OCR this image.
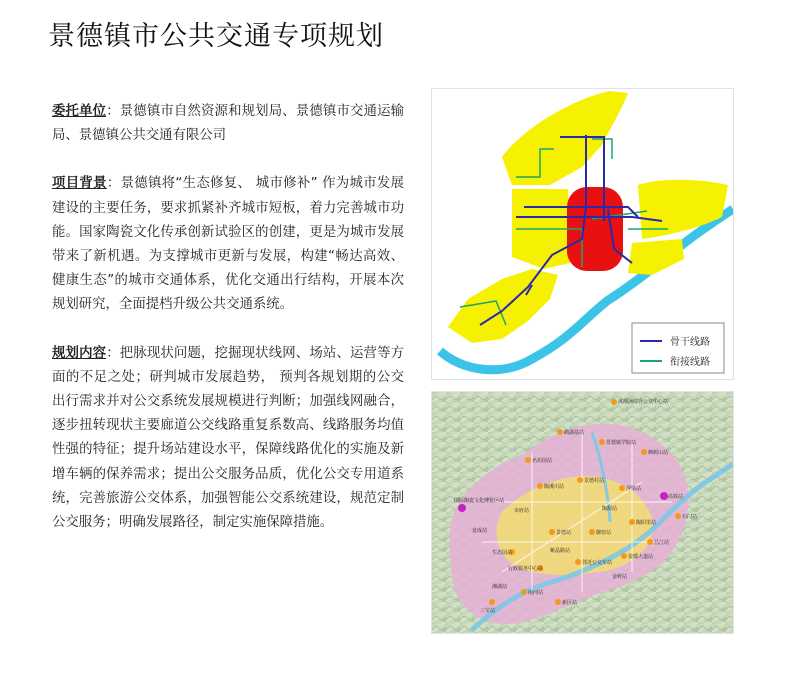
景德镇市公共交通专项规划

委托单位：景德镇市自然资源和规划局、景德镇市交通运输局、景德镇公共交通有限公司

项目背景：景德镇将“生态修复、 城市修补” 作为城市发展建设的主要任务，要求抓紧补齐城市短板，着力完善城市功能。国家陶瓷文化传承创新试验区的创建，更是为城市发展带来了新机遇。为支撑城市更新与发展，构建“畅达高效、健康生态”的城市交通体系，优化交通出行结构，开展本次规划研究，全面提档升级公共交通系统。

规划内容：把脉现状问题，挖掘现状线网、场站、运营等方面的不足之处；研判城市发展趋势， 预判各规划期的公交出行需求并对公交系统发展规模进行判断；加强线网融合，逐步扭转现状主要廊道公交线路重复系数高、线路服务均值性强的特征；提升场站建设水平，保障线路优化的实施及新增车辆的保养需求；提出公交服务品质，优化公交专用道系统，完善旅游公交体系，加强智能公交系统建设，规范定制公交服务；明确发展路径，制定实施保障措施。

骨干线路
衔接线路
凤凰洲综合公交中心站
鹤湖基站
景德镇学院站
名坊园站
国际陶瓷文化博览区站
高铁站
陶溪川站
景德村站
浮梁站
景德站	御窑站
陶阳里站
生态园站
行政服务中心站
邻近公交车站
瓷都大道站
昌江站
南河站
三宝站
新区站
石门站
枫树山站
市府站	陶源站
紫晶路站
金岭站
竟成站
湘湖站
